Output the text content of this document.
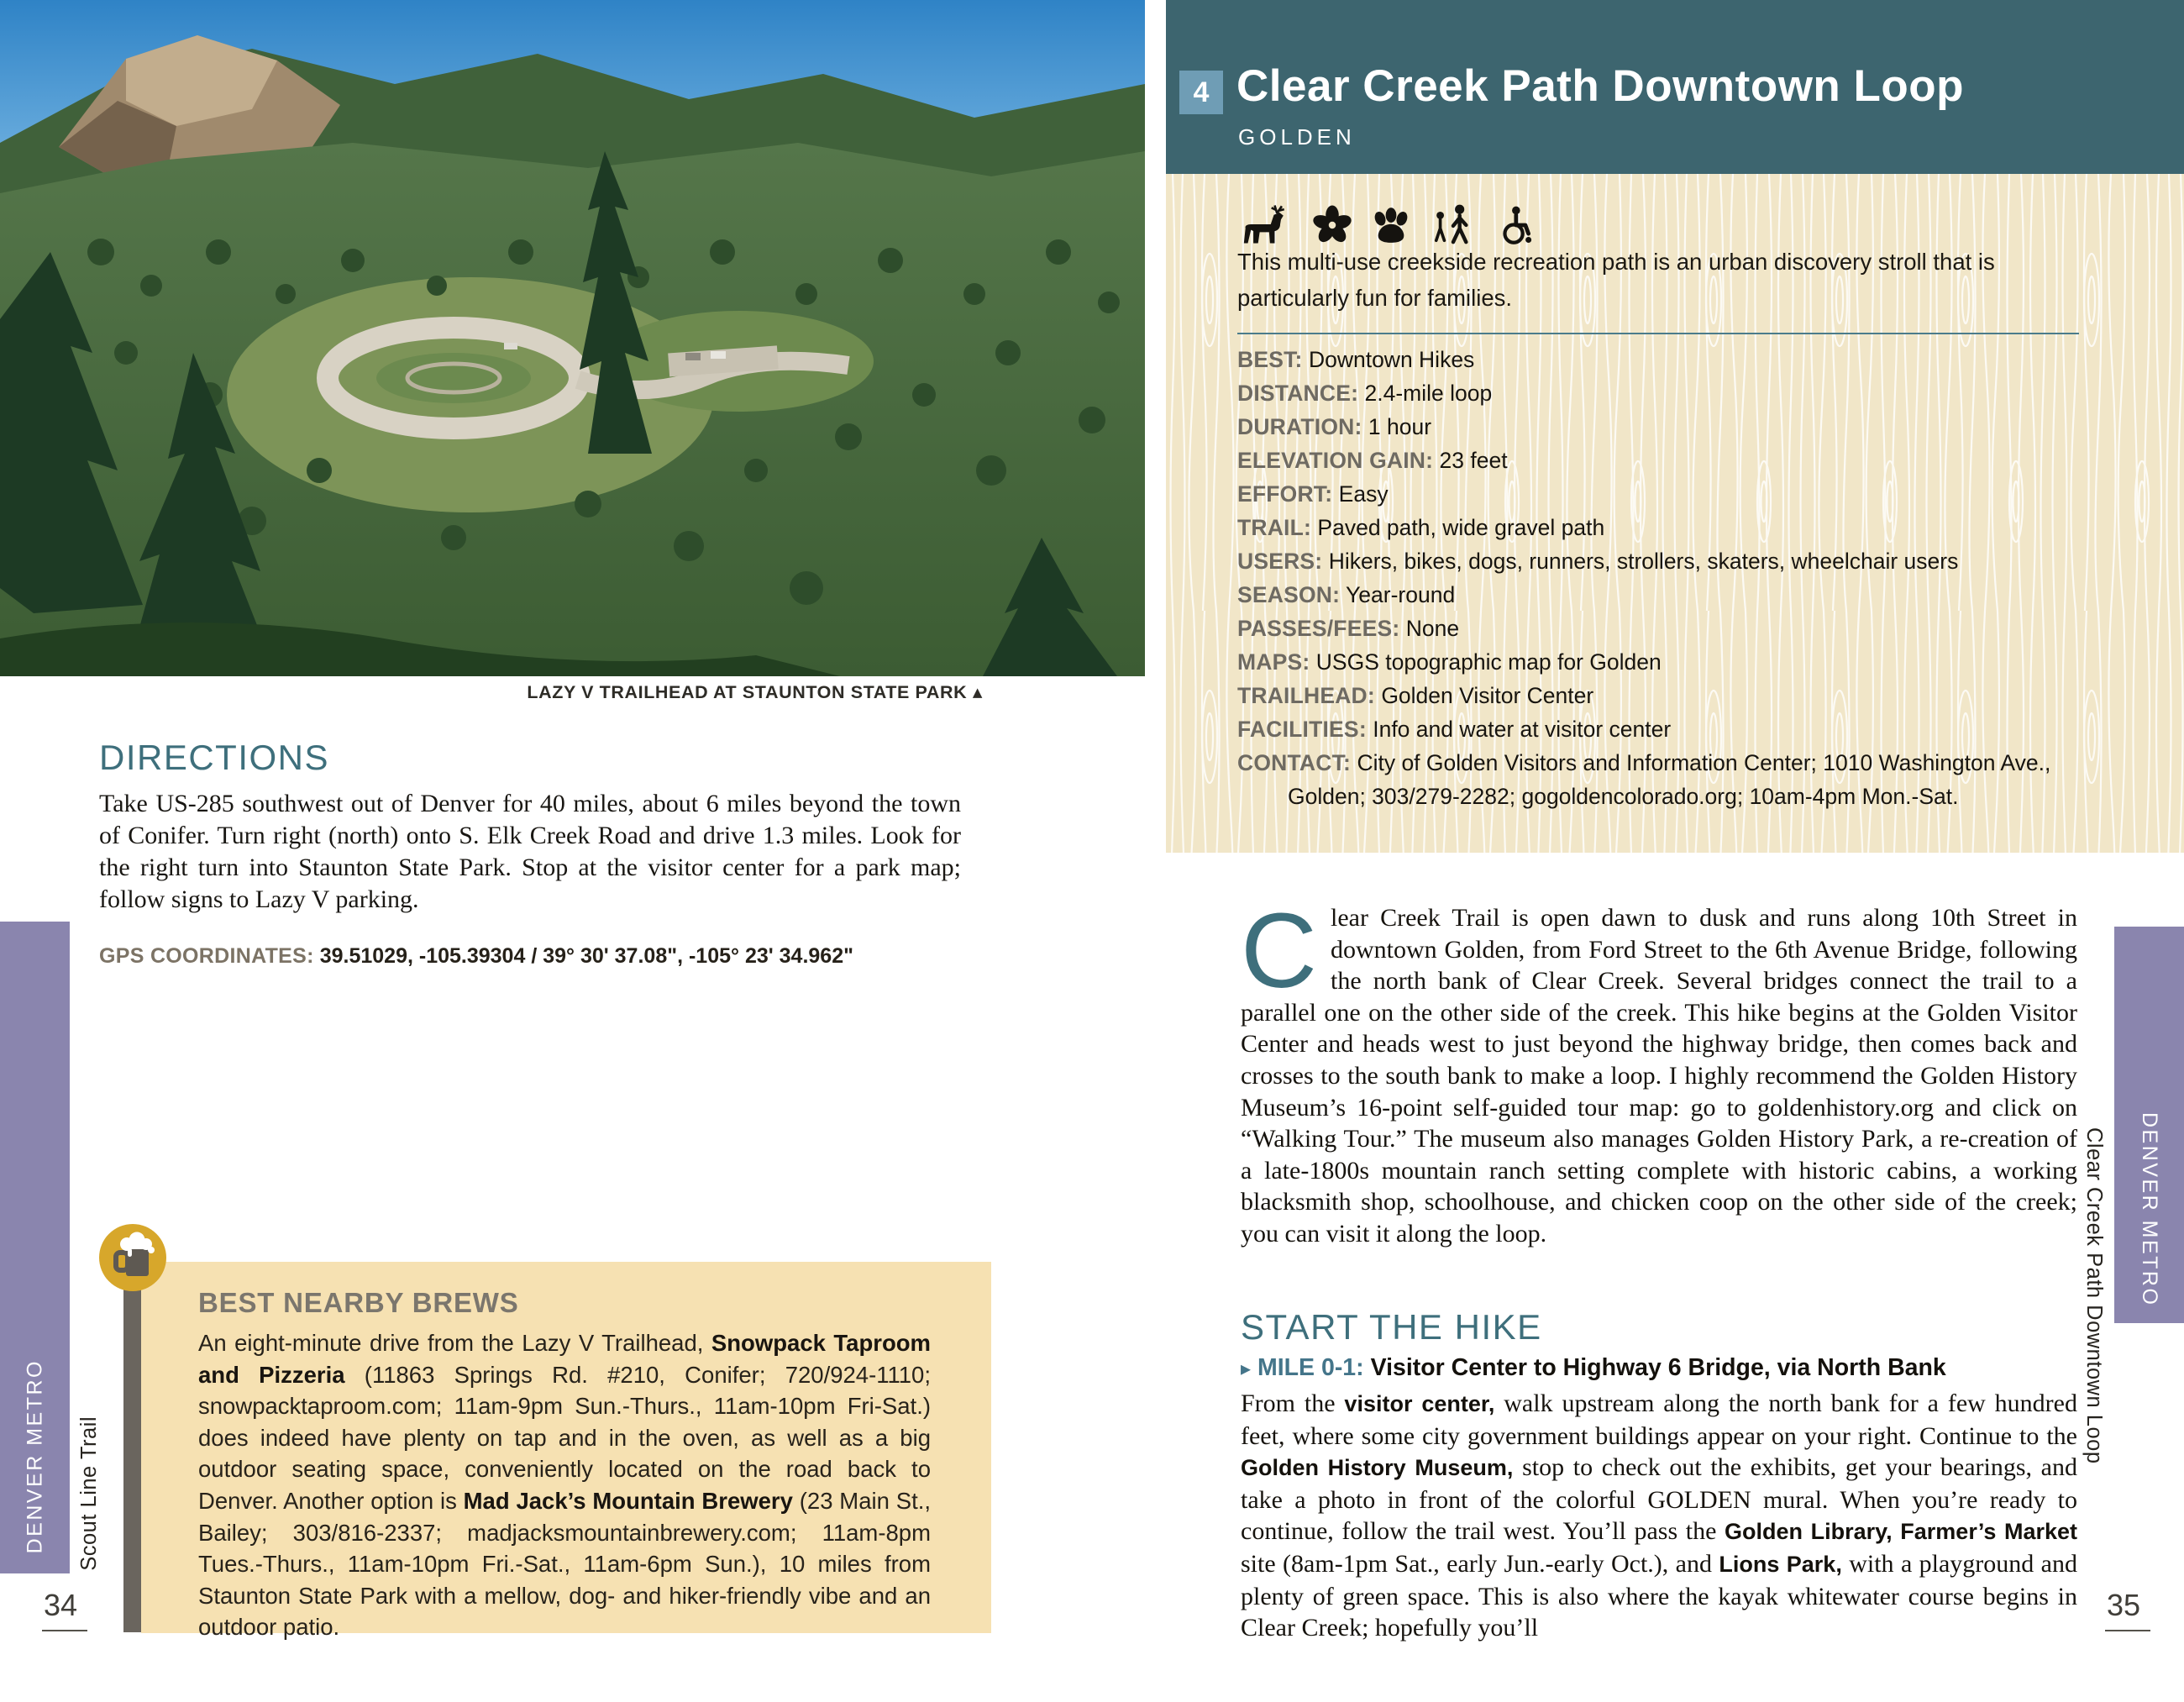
LAZY V TRAILHEAD AT STAUNTON STATE PARK ▲
DIRECTIONS
Take US-285 southwest out of Denver for 40 miles, about 6 miles beyond the town of Conifer. Turn right (north) onto S. Elk Creek Road and drive 1.3 miles. Look for the right turn into Staunton State Park. Stop at the visitor center for a park map; follow signs to Lazy V parking.
GPS COORDINATES: 39.51029, -105.39304 / 39° 30' 37.08", -105° 23' 34.962"
DENVER METRO Scout Line Trail
34
BEST NEARBY BREWS
An eight-minute drive from the Lazy V Trailhead, Snowpack Taproom and Pizzeria (11863 Springs Rd. #210, Conifer; 720/924-1110; snowpacktaproom.com; 11am-9pm Sun.-Thurs., 11am-10pm Fri-Sat.) does indeed have plenty on tap and in the oven, as well as a big outdoor seating space, conveniently located on the road back to Denver. Another option is Mad Jack’s Mountain Brewery (23 Main St., Bailey; 303/816-2337; madjacksmountainbrewery.com; 11am-8pm Tues.-Thurs., 11am-10pm Fri.-Sat., 11am-6pm Sun.), 10 miles from Staunton State Park with a mellow, dog- and hiker-friendly vibe and an outdoor patio.
4 Clear Creek Path Downtown Loop
GOLDEN
This multi-use creekside recreation path is an urban discovery stroll that is particularly fun for families.
BEST: Downtown Hikes
DISTANCE: 2.4-mile loop
DURATION: 1 hour
ELEVATION GAIN: 23 feet
EFFORT: Easy
TRAIL: Paved path, wide gravel path
USERS: Hikers, bikes, dogs, runners, strollers, skaters, wheelchair users
SEASON: Year-round
PASSES/FEES: None
MAPS: USGS topographic map for Golden
TRAILHEAD: Golden Visitor Center
FACILITIES: Info and water at visitor center
CONTACT: City of Golden Visitors and Information Center; 1010 Washington Ave., Golden; 303/279-2282; gogoldencolorado.org; 10am-4pm Mon.-Sat.
Clear Creek Trail is open dawn to dusk and runs along 10th Street in downtown Golden, from Ford Street to the 6th Avenue Bridge, following the north bank of Clear Creek. Several bridges connect the trail to a parallel one on the other side of the creek. This hike begins at the Golden Visitor Center and heads west to just beyond the highway bridge, then comes back and crosses to the south bank to make a loop. I highly recommend the Golden History Museum’s 16-point self-guided tour map: go to goldenhistory.org and click on “Walking Tour.” The museum also manages Golden History Park, a re-creation of a late-1800s mountain ranch setting complete with historic cabins, a working blacksmith shop, schoolhouse, and chicken coop on the other side of the creek; you can visit it along the loop.
START THE HIKE
▸ MILE 0-1: Visitor Center to Highway 6 Bridge, via North Bank
From the visitor center, walk upstream along the north bank for a few hundred feet, where some city government buildings appear on your right. Continue to the Golden History Museum, stop to check out the exhibits, get your bearings, and take a photo in front of the colorful GOLDEN mural. When you’re ready to continue, follow the trail west. You’ll pass the Golden Library, Farmer’s Market site (8am-1pm Sat., early Jun.-early Oct.), and Lions Park, with a playground and plenty of green space. This is also where the kayak whitewater course begins in Clear Creek; hopefully you’ll
DENVER METRO
Clear Creek Path Downtown Loop
35
